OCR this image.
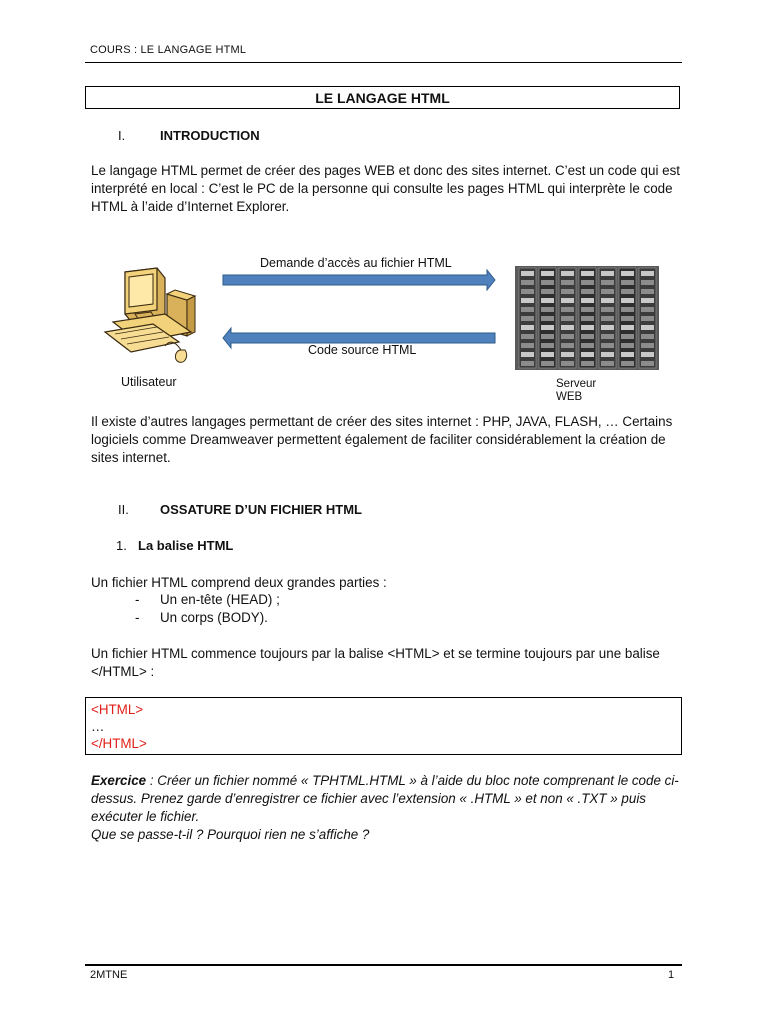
COURS : LE LANGAGE HTML
LE LANGAGE HTML
I.	INTRODUCTION
Le langage HTML permet de créer des pages WEB et donc des sites internet. C’est un code qui est interprété en local : C’est le PC de la personne qui consulte les pages HTML qui interprète le code HTML à l’aide d’Internet Explorer.
Utilisateur
Demande d’accès au fichier HTML
Code source HTML
Serveur
WEB
Il existe d’autres langages permettant de créer des sites internet : PHP, JAVA, FLASH, … Certains logiciels comme Dreamweaver permettent également de faciliter considérablement la création de sites internet.
II. OSSATURE D’UN FICHIER HTML
1. La balise HTML
Un fichier HTML comprend deux grandes parties :
- Un en-tête (HEAD) ;
- Un corps (BODY).
Un fichier HTML commence toujours par la balise <HTML> et se termine toujours par une balise </HTML> :
<HTML>
…
</HTML>
Exercice : Créer un fichier nommé « TPHTML.HTML » à l’aide du bloc note comprenant le code ci-dessus. Prenez garde d’enregistrer ce fichier avec l’extension « .HTML » et non « .TXT » puis exécuter le fichier.
Que se passe-t-il ? Pourquoi rien ne s’affiche ?
2MTNE	1
